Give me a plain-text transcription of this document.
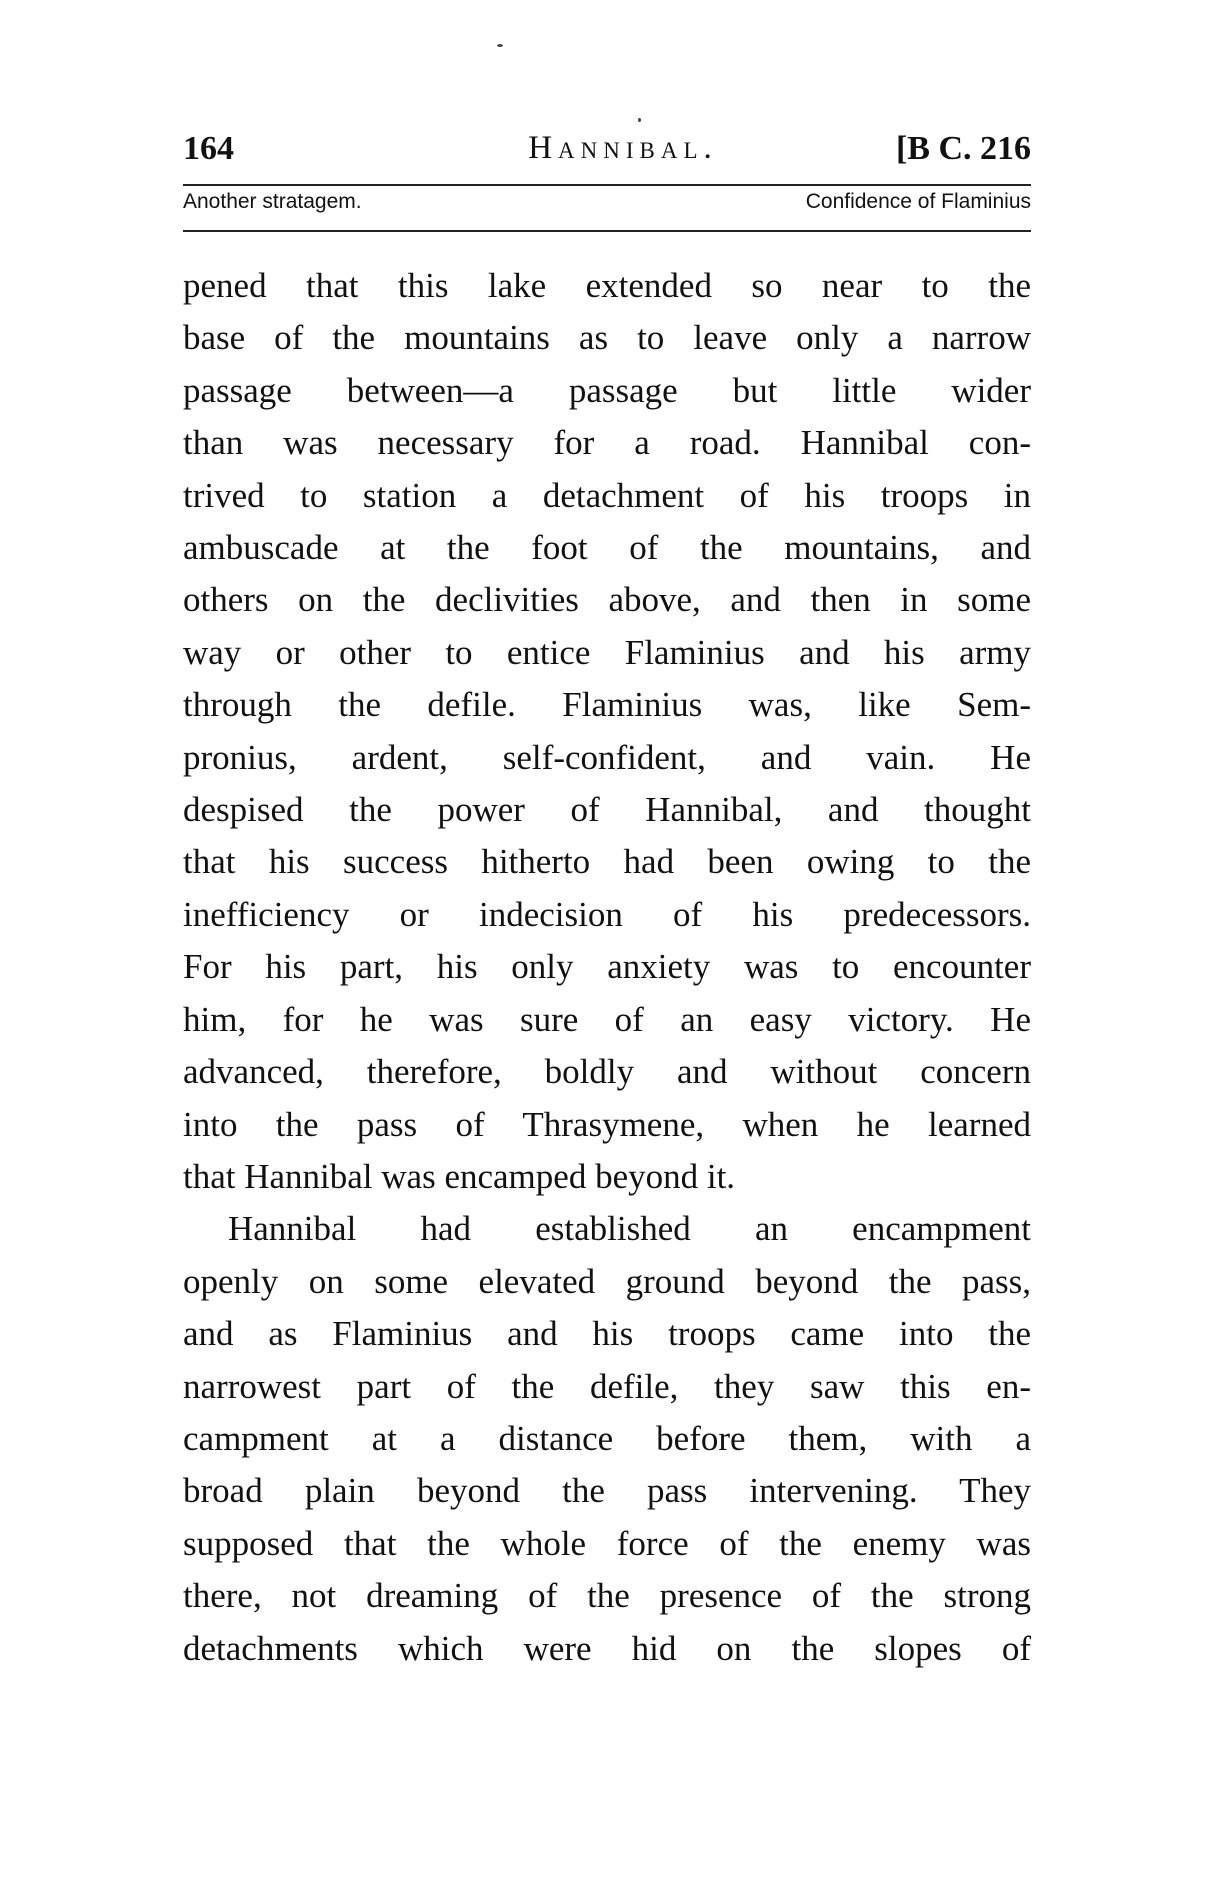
164	Hannibal.	[B C. 216
Another stratagem.	Confidence of Flaminius
pened that this lake extended so near to the
base of the mountains as to leave only a narrow
passage between—a passage but little wider
than was necessary for a road. Hannibal con-
trived to station a detachment of his troops in
ambuscade at the foot of the mountains, and
others on the declivities above, and then in some
way or other to entice Flaminius and his army
through the defile. Flaminius was, like Sem-
pronius, ardent, self-confident, and vain. He
despised the power of Hannibal, and thought
that his success hitherto had been owing to the
inefficiency or indecision of his predecessors.
For his part, his only anxiety was to encounter
him, for he was sure of an easy victory. He
advanced, therefore, boldly and without concern
into the pass of Thrasymene, when he learned
that Hannibal was encamped beyond it.
Hannibal had established an encampment
openly on some elevated ground beyond the pass,
and as Flaminius and his troops came into the
narrowest part of the defile, they saw this en-
campment at a distance before them, with a
broad plain beyond the pass intervening. They
supposed that the whole force of the enemy was
there, not dreaming of the presence of the strong
detachments which were hid on the slopes of
